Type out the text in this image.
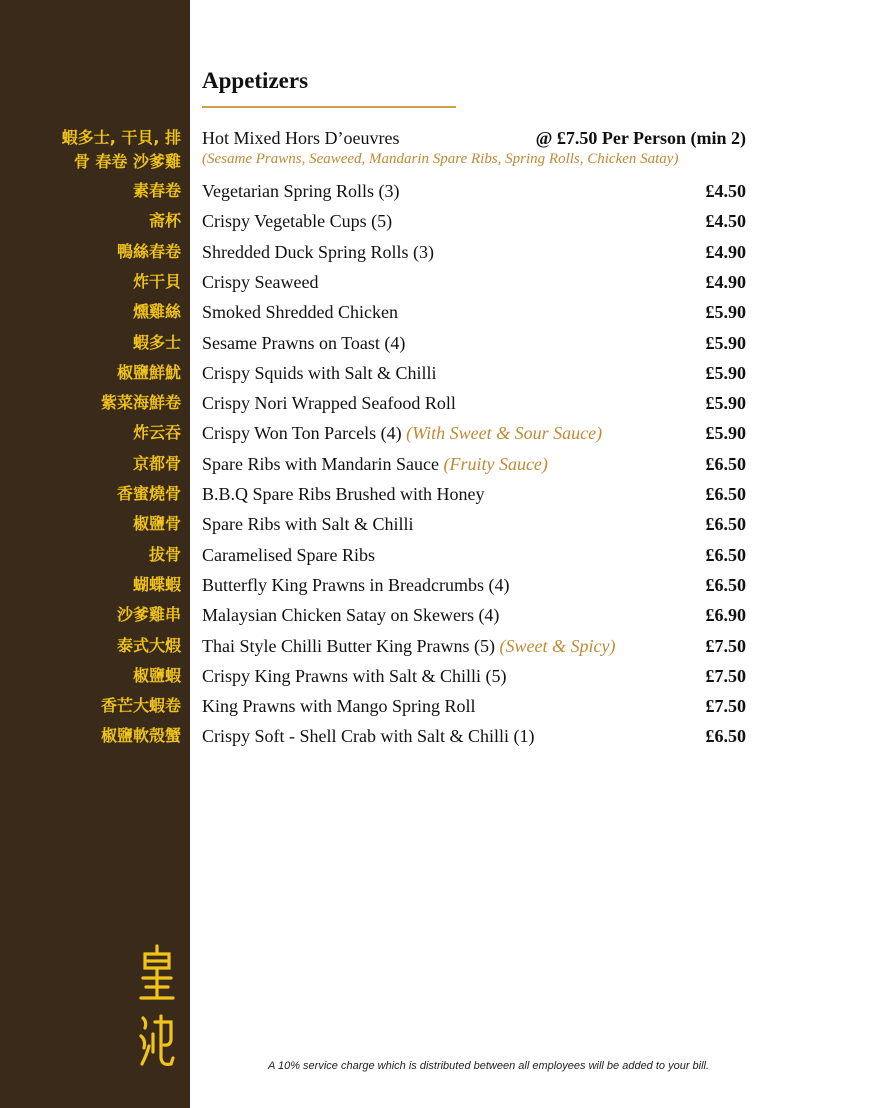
Appetizers
蝦多士, 干貝, 排
骨 春卷 沙爹雞
Hot Mixed Hors D’oeuvres	@ £7.50 Per Person (min 2)
(Sesame Prawns, Seaweed, Mandarin Spare Ribs, Spring Rolls, Chicken Satay)
素春卷 Vegetarian Spring Rolls (3)	£4.50
斋杯 Crispy Vegetable Cups (5)	£4.50
鴨絲春卷 Shredded Duck Spring Rolls (3)	£4.90
炸干貝 Crispy Seaweed	£4.90
燻雞絲 Smoked Shredded Chicken	£5.90
蝦多士 Sesame Prawns on Toast (4)	£5.90
椒鹽鮮魷 Crispy Squids with Salt & Chilli	£5.90
紫菜海鮮卷 Crispy Nori Wrapped Seafood Roll	£5.90
炸云吞 Crispy Won Ton Parcels (4) (With Sweet & Sour Sauce)	£5.90
京都骨 Spare Ribs with Mandarin Sauce (Fruity Sauce)	£6.50
香蜜燒骨 B.B.Q Spare Ribs Brushed with Honey	£6.50
椒鹽骨 Spare Ribs with Salt & Chilli	£6.50
拔骨 Caramelised Spare Ribs	£6.50
蝴蝶蝦 Butterfly King Prawns in Breadcrumbs (4)	£6.50
沙爹雞串 Malaysian Chicken Satay on Skewers (4)	£6.90
泰式大煆 Thai Style Chilli Butter King Prawns (5) (Sweet & Spicy)	£7.50
椒鹽蝦 Crispy King Prawns with Salt & Chilli (5)	£7.50
香芒大蝦卷 King Prawns with Mango Spring Roll	£7.50
椒鹽軟殼蟹 Crispy Soft - Shell Crab with Salt & Chilli (1)	£6.50
A 10% service charge which is distributed between all employees will be added to your bill.
